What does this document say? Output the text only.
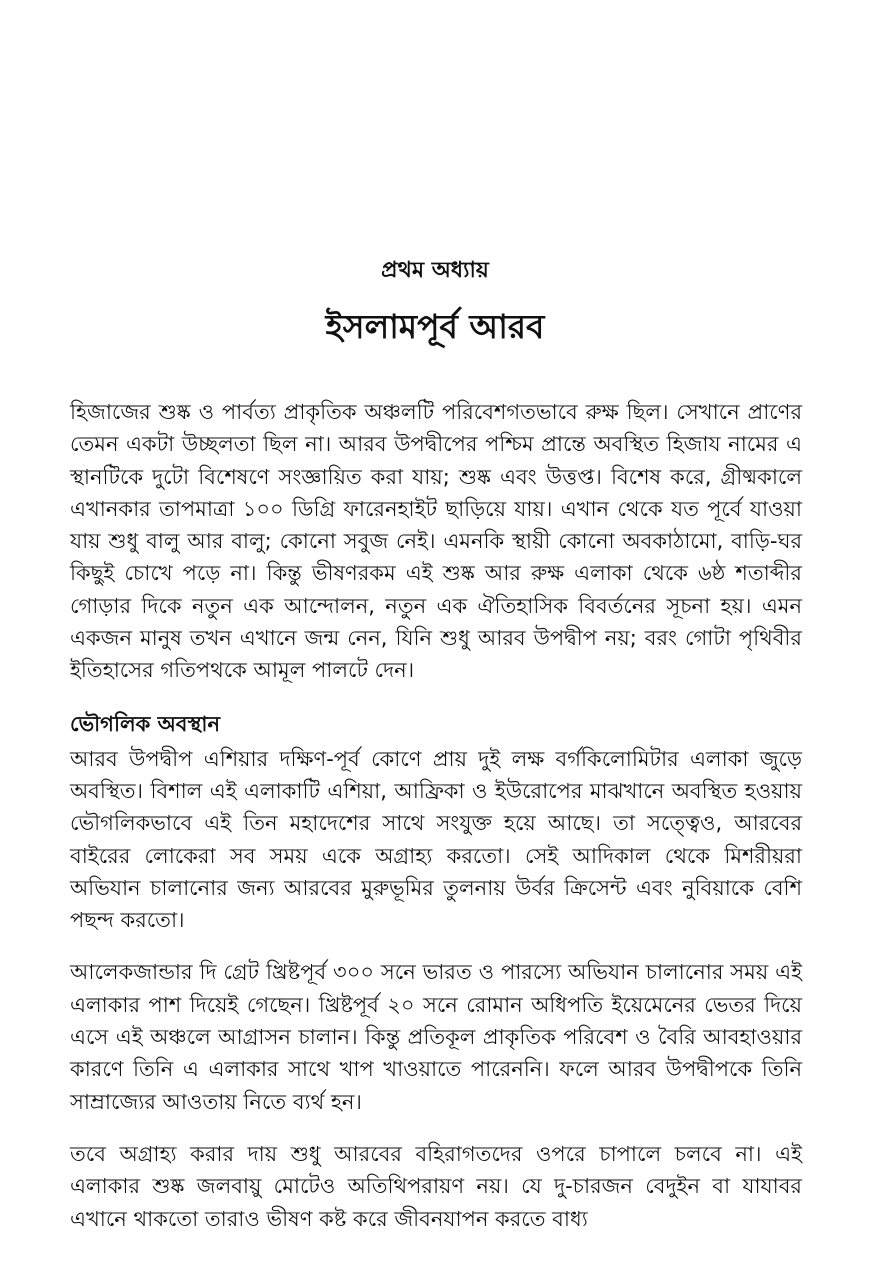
প্রথম অধ্যায়
ইসলামপূর্ব আরব

হিজাজের শুষ্ক ও পার্বত্য প্রাকৃতিক অঞ্চলটি পরিবেশগতভাবে রুক্ষ ছিল। সেখানে প্রাণের তেমন একটা উচ্ছলতা ছিল না। আরব উপদ্বীপের পশ্চিম প্রান্তে অবস্থিত হিজায নামের এ স্থানটিকে দুটো বিশেষণে সংজ্ঞায়িত করা যায়; শুষ্ক এবং উত্তপ্ত। বিশেষ করে, গ্রীষ্মকালে এখানকার তাপমাত্রা ১০০ ডিগ্রি ফারেনহাইট ছাড়িয়ে যায়। এখান থেকে যত পূর্বে যাওয়া যায় শুধু বালু আর বালু; কোনো সবুজ নেই। এমনকি স্থায়ী কোনো অবকাঠামো, বাড়ি-ঘর কিছুই চোখে পড়ে না। কিন্তু ভীষণরকম এই শুষ্ক আর রুক্ষ এলাকা থেকে ৬ষ্ঠ শতাব্দীর গোড়ার দিকে নতুন এক আন্দোলন, নতুন এক ঐতিহাসিক বিবর্তনের সূচনা হয়। এমন একজন মানুষ তখন এখানে জন্ম নেন, যিনি শুধু আরব উপদ্বীপ নয়; বরং গোটা পৃথিবীর ইতিহাসের গতিপথকে আমূল পালটে দেন।

ভৌগলিক অবস্থান

আরব উপদ্বীপ এশিয়ার দক্ষিণ-পূর্ব কোণে প্রায় দুই লক্ষ বর্গকিলোমিটার এলাকা জুড়ে অবস্থিত। বিশাল এই এলাকাটি এশিয়া, আফ্রিকা ও ইউরোপের মাঝখানে অবস্থিত হওয়ায় ভৌগলিকভাবে এই তিন মহাদেশের সাথে সংযুক্ত হয়ে আছে। তা সত্ত্বেও, আরবের বাইরের লোকেরা সব সময় একে অগ্রাহ্য করতো। সেই আদিকাল থেকে মিশরীয়রা অভিযান চালানোর জন্য আরবের মুরুভূমির তুলনায় উর্বর ক্রিসেন্ট এবং নুবিয়াকে বেশি পছন্দ করতো।

আলেকজান্ডার দি গ্রেট খ্রিষ্টপূর্ব ৩০০ সনে ভারত ও পারস্যে অভিযান চালানোর সময় এই এলাকার পাশ দিয়েই গেছেন। খ্রিষ্টপূর্ব ২০ সনে রোমান অধিপতি ইয়েমেনের ভেতর দিয়ে এসে এই অঞ্চলে আগ্রাসন চালান। কিন্তু প্রতিকূল প্রাকৃতিক পরিবেশ ও বৈরি আবহাওয়ার কারণে তিনি এ এলাকার সাথে খাপ খাওয়াতে পারেননি। ফলে আরব উপদ্বীপকে তিনি সাম্রাজ্যের আওতায় নিতে ব্যর্থ হন।

তবে অগ্রাহ্য করার দায় শুধু আরবের বহিরাগতদের ওপরে চাপালে চলবে না। এই এলাকার শুষ্ক জলবায়ু মোটেও অতিথিপরায়ণ নয়। যে দু-চারজন বেদুইন বা যাযাবর এখানে থাকতো তারাও ভীষণ কষ্ট করে জীবনযাপন করতে বাধ্য
